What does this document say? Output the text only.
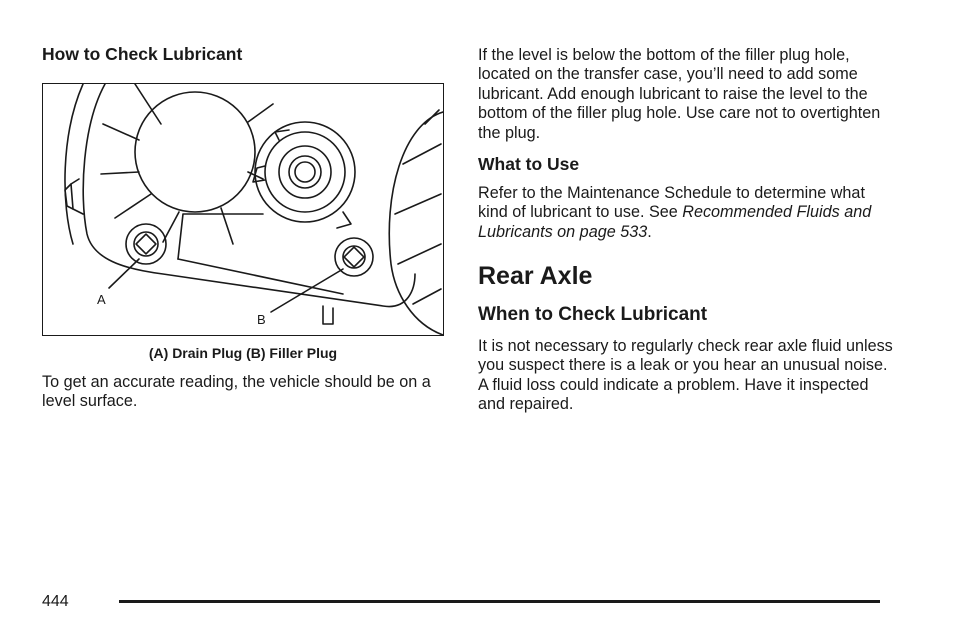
How to Check Lubricant
A
B
(A) Drain Plug (B) Filler Plug

To get an accurate reading, the vehicle should be on a level surface.

If the level is below the bottom of the filler plug hole, located on the transfer case, you’ll need to add some lubricant. Add enough lubricant to raise the level to the bottom of the filler plug hole. Use care not to overtighten the plug.

What to Use

Refer to the Maintenance Schedule to determine what kind of lubricant to use. See Recommended Fluids and Lubricants on page 533.

Rear Axle
When to Check Lubricant

It is not necessary to regularly check rear axle fluid unless you suspect there is a leak or you hear an unusual noise. A fluid loss could indicate a problem. Have it inspected and repaired.

444
